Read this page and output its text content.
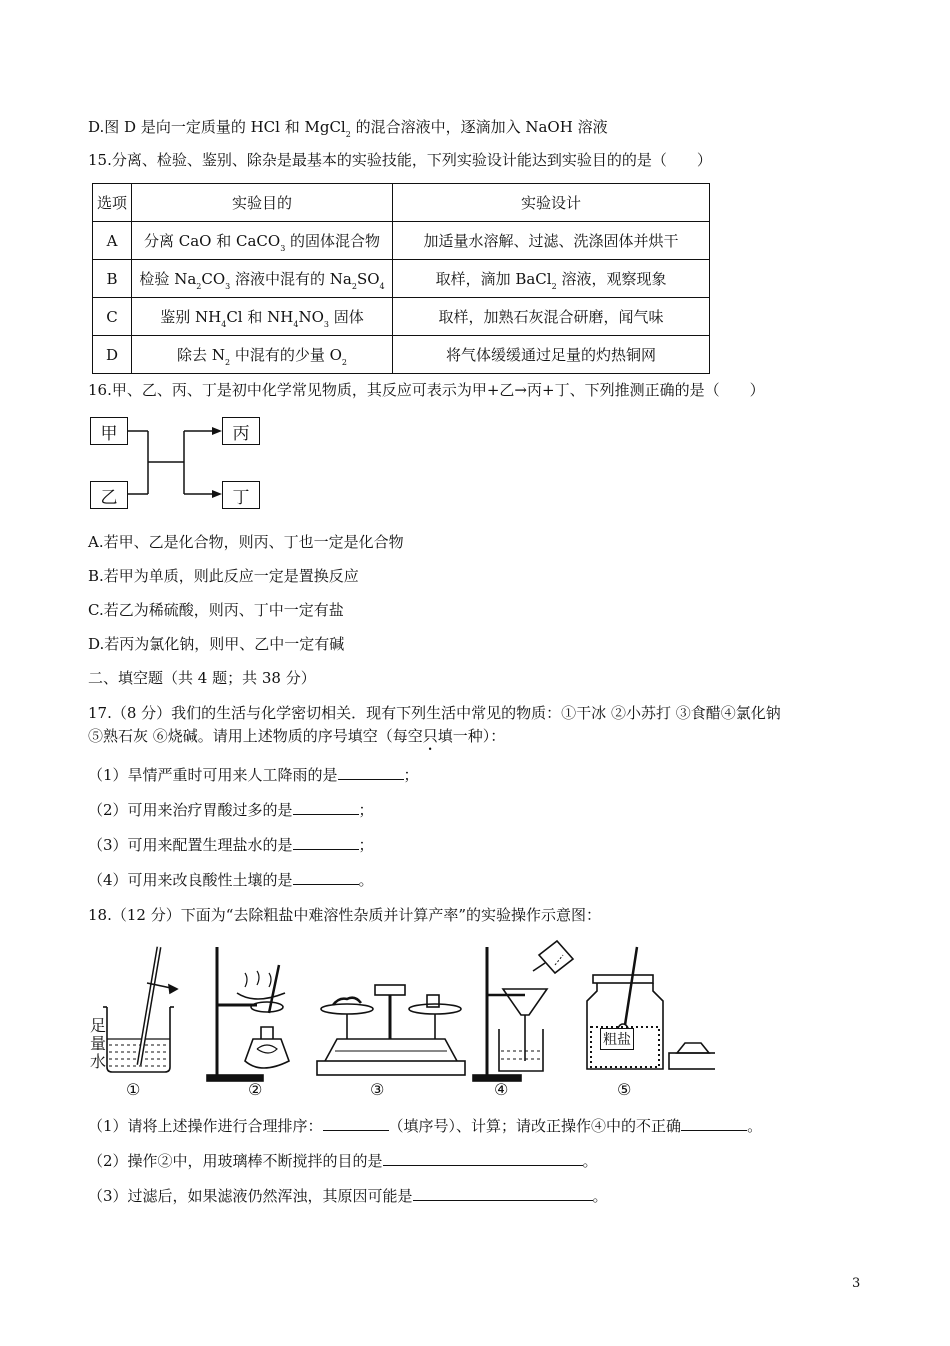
D.图 D 是向一定质量的 HCl 和 MgCl$_2$ 的混合溶液中，逐滴加入 NaOH 溶液
15.分离、检验、鉴别、除杂是最基本的实验技能，下列实验设计能达到实验目的的是（　　）
选项	实验目的	实验设计
A	分离 CaO 和 CaCO$_3$ 的固体混合物	加适量水溶解、过滤、洗涤固体并烘干
B	检验 $Na_2CO_3$ 溶液中混有的 $Na_2SO_4$	取样，滴加 BaCl$_2$ 溶液，观察现象
C	鉴别 $NH_4Cl$ 和 $NH_4NO_3$ 固体	取样，加熟石灰混合研磨，闻气味
D	除去 $N_2$ 中混有的少量 $O_2$	将气体缓缓通过足量的灼热铜网
16.甲、乙、丙、丁是初中化学常见物质，其反应可表示为甲+乙→丙+丁、下列推测正确的是（　　）
甲
乙
丙
丁
A.若甲、乙是化合物，则丙、丁也一定是化合物
B.若甲为单质，则此反应一定是置换反应
C.若乙为稀硫酸，则丙、丁中一定有盐
D.若丙为氯化钠，则甲、乙中一定有碱
二、填空题（共 4 题；共 38 分）
17.（8 分）我们的生活与化学密切相关．现有下列生活中常见的物质：①干冰 ②小苏打 ③食醋④氯化钠
⑤熟石灰 ⑥烧碱。请用上述物质的序号填空（每空只填一种）：
（1）旱情严重时可用来人工降雨的是	；
（2）可用来治疗胃酸过多的是	；
（3）可用来配置生理盐水的是	；
（4）可用来改良酸性土壤的是	。
18.（12 分）下面为“去除粗盐中难溶性杂质并计算产率”的实验操作示意图：
足
量
水
粗盐
①	②	③	④	⑤
（1）请将上述操作进行合理排序：	（填序号）、计算；请改正操作④中的不正确	。
（2）操作②中，用玻璃棒不断搅拌的目的是	。
（3）过滤后，如果滤液仍然浑浊，其原因可能是	。
3
